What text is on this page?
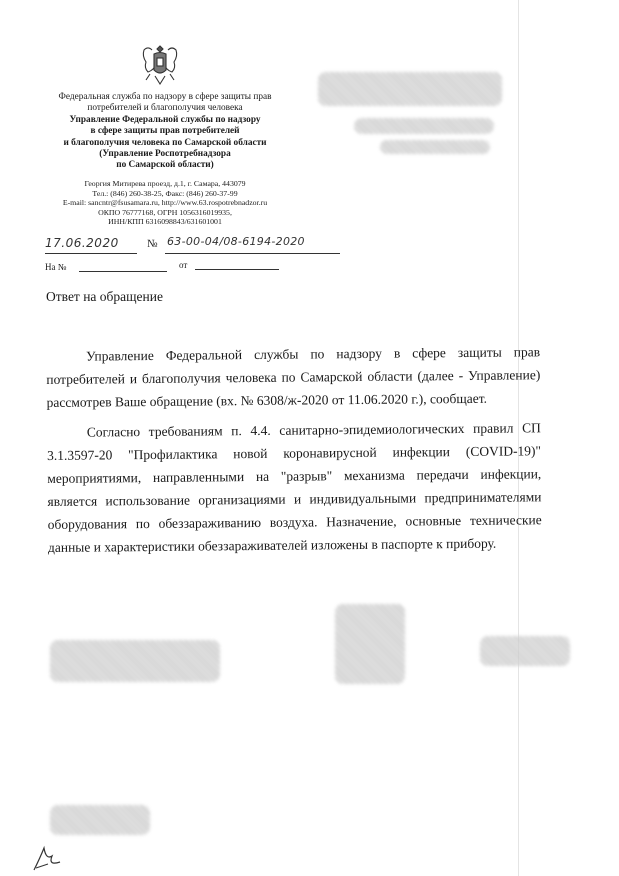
Федеральная служба по надзору в сфере защиты прав
потребителей и благополучия человека
Управление Федеральной службы по надзору
в сфере защиты прав потребителей
и благополучия человека по Самарской области
(Управление Роспотребнадзора
по Самарской области)
Георгия Митирева проезд, д.1, г. Самара, 443079
Тел.: (846) 260-38-25, Факс: (846) 260-37-99
E-mail: sancntr@fsusamara.ru, http://www.63.rospotrebnadzor.ru
ОКПО 76777168, ОГРН 1056316019935,
ИНН/КПП 6316098843/631601001
17.06.2020	№ 63-00-04/08-6194-2020
На №	от
Ответ на обращение

Управление Федеральной службы по надзору в сфере защиты прав потребителей и благополучия человека по Самарской области (далее - Управление) рассмотрев Ваше обращение (вх. № 6308/ж-2020 от 11.06.2020 г.), сообщает.

Согласно требованиям п. 4.4. санитарно-эпидемиологических правил СП 3.1.3597-20 "Профилактика новой коронавирусной инфекции (COVID-19)" мероприятиями, направленными на "разрыв" механизма передачи инфекции, является использование организациями и индивидуальными предпринимателями оборудования по обеззараживанию воздуха. Назначение, основные технические данные и характеристики обеззараживателей изложены в паспорте к прибору.
